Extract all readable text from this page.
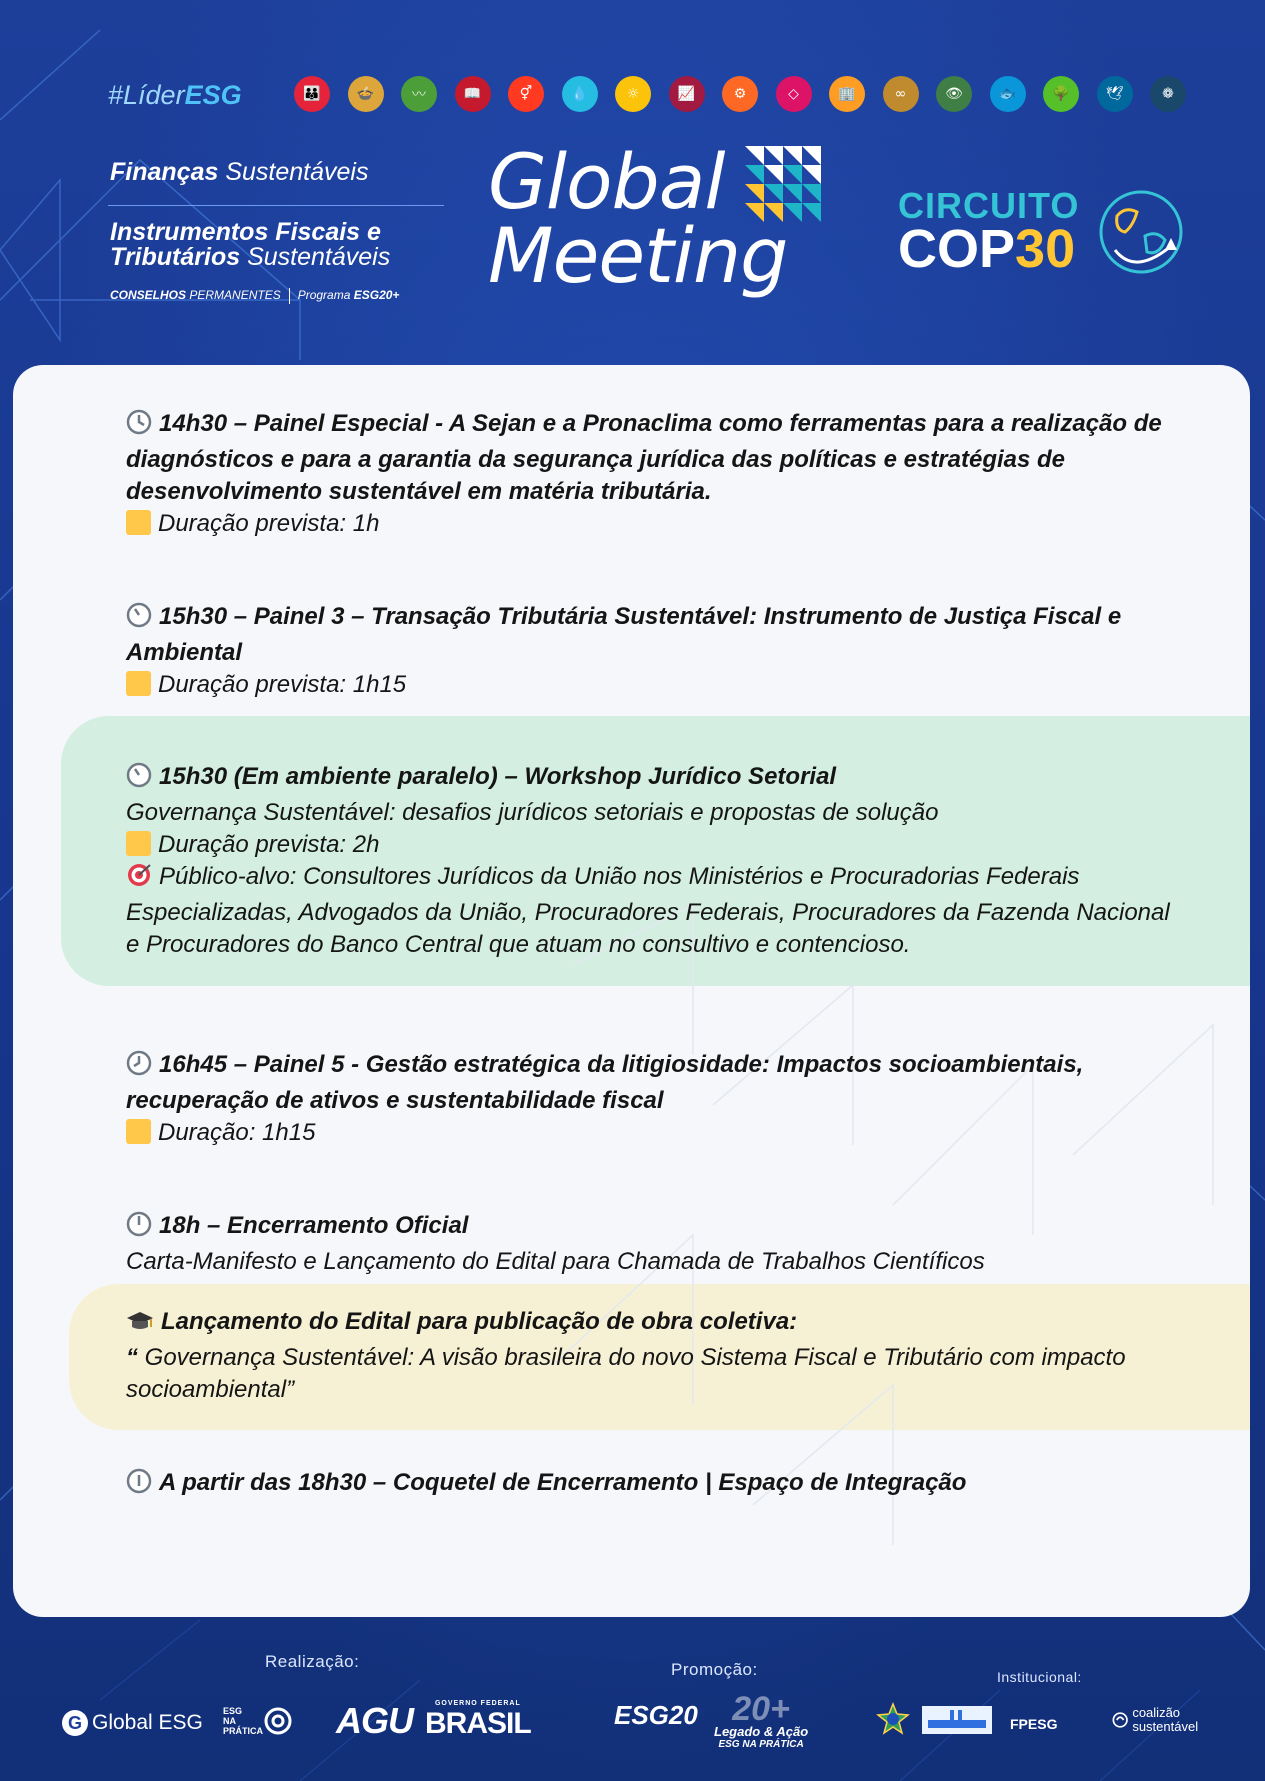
#LíderESG	👪	🍲	〰	📖	⚥	💧	☼	📈	⚙	◇	🏢	∞	👁	🐟	🌳	🕊	❁
Finanças Sustentáveis
Instrumentos Fiscais e
Tributários Sustentáveis
CONSELHOS PERMANENTES Programa ESG20+
Global
Meeting
CIRCUITO
COP30
14h30 – Painel Especial - A Sejan e a Pronaclima como ferramentas para a realização de diagnósticos e para a garantia da segurança jurídica das políticas e estratégias de desenvolvimento sustentável em matéria tributária.
Duração prevista: 1h
15h30 – Painel 3 – Transação Tributária Sustentável: Instrumento de Justiça Fiscal e Ambiental
Duração prevista: 1h15
15h30 (Em ambiente paralelo) – Workshop Jurídico Setorial
Governança Sustentável: desafios jurídicos setoriais e propostas de solução
Duração prevista: 2h
Público-alvo: Consultores Jurídicos da União nos Ministérios e Procuradorias Federais Especializadas, Advogados da União, Procuradores Federais, Procuradores da Fazenda Nacional e Procuradores do Banco Central que atuam no consultivo e contencioso.
16h45 – Painel 5 - Gestão estratégica da litigiosidade: Impactos socioambientais, recuperação de ativos e sustentabilidade fiscal
Duração: 1h15
18h – Encerramento Oficial
Carta-Manifesto e Lançamento do Edital para Chamada de Trabalhos Científicos
Lançamento do Edital para publicação de obra coletiva:
“ Governança Sustentável: A visão brasileira do novo Sistema Fiscal e Tributário com impacto socioambiental”
A partir das 18h30 – Coquetel de Encerramento | Espaço de Integração
Realização:	Promoção:	Institucional:
G Global ESG ESG NA PRÁTICA AGU	GOVERNO FEDERAL
BRASIL	ESG20	20+
Legado & Ação
ESG NA PRÁTICA
FPESG
coalizão sustentável
